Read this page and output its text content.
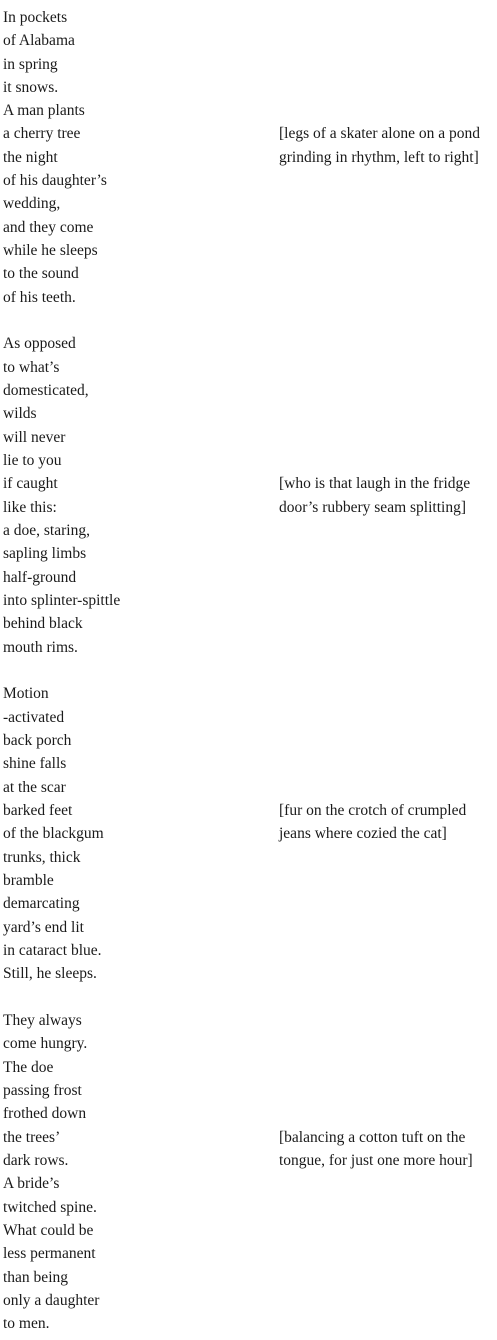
In pockets
of Alabama
in spring
it snows.
A man plants
a cherry tree
the night
of his daughter’s
wedding,
and they come
while he sleeps
to the sound
of his teeth.
[legs of a skater alone on a pond
grinding in rhythm, left to right]
As opposed
to what’s
domesticated,
wilds
will never
lie to you
if caught
like this:
a doe, staring,
sapling limbs
half-ground
into splinter-spittle
behind black
mouth rims.
[who is that laugh in the fridge
door’s rubbery seam splitting]
Motion
-activated
back porch
shine falls
at the scar
barked feet
of the blackgum
trunks, thick
bramble
demarcating
yard’s end lit
in cataract blue.
Still, he sleeps.
[fur on the crotch of crumpled
jeans where cozied the cat]
They always
come hungry.
The doe
passing frost
frothed down
the trees’
dark rows.
A bride’s
twitched spine.
What could be
less permanent
than being
only a daughter
to men.
[balancing a cotton tuft on the
tongue, for just one more hour]
